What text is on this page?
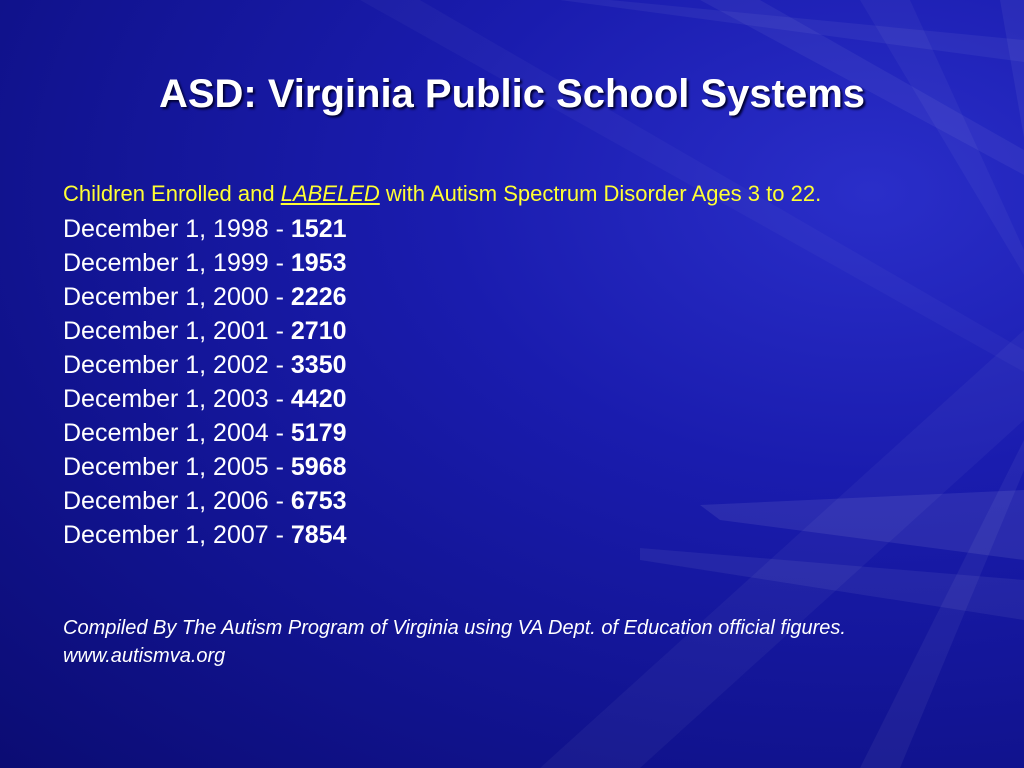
ASD: Virginia Public School Systems
Children Enrolled and LABELED with Autism Spectrum Disorder Ages 3 to 22.
December 1, 1998 - 1521
December 1, 1999 - 1953
December 1, 2000 - 2226
December 1, 2001 - 2710
December 1, 2002 - 3350
December 1, 2003 - 4420
December 1, 2004 - 5179
December 1, 2005 - 5968
December 1, 2006 - 6753
December 1, 2007 - 7854
Compiled By The Autism Program of Virginia using VA Dept. of Education official figures.
www.autismva.org
